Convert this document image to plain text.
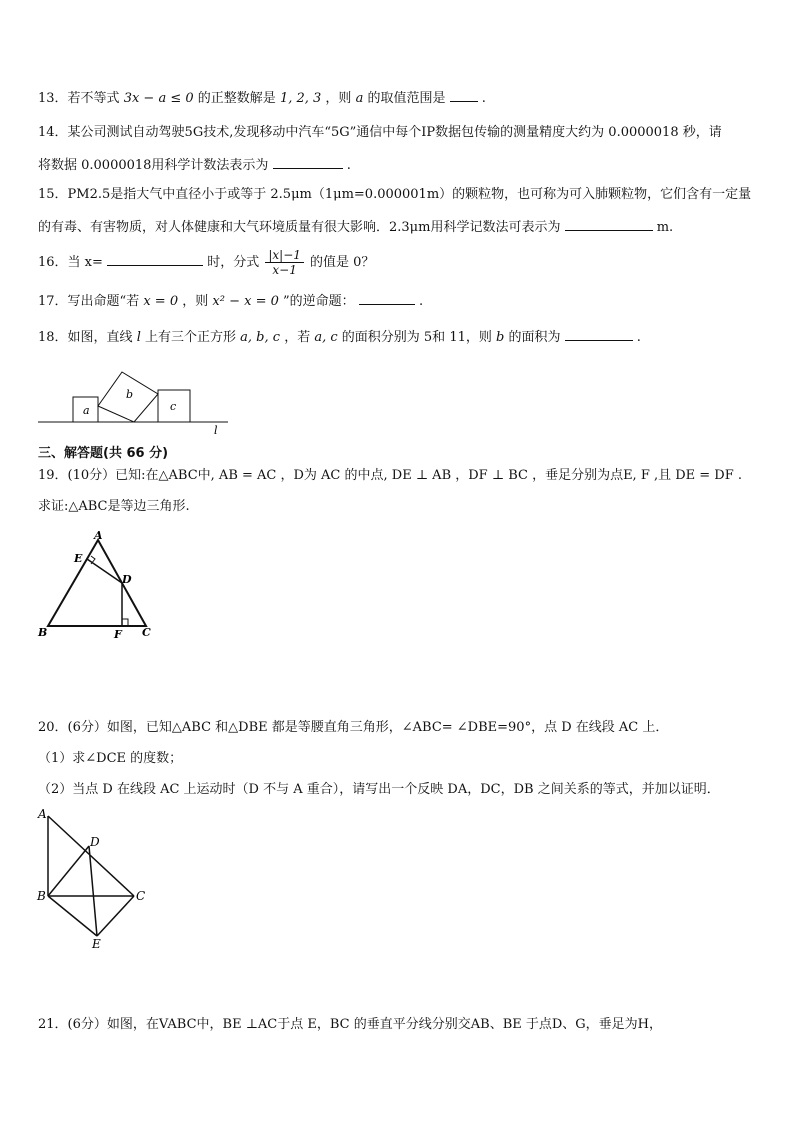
13．若不等式 3x − a ≤ 0 的正整数解是 1, 2, 3 ，则 a 的取值范围是	.
14．某公司测试自动驾驶5G技术,发现移动中汽车“5G”通信中每个IP数据包传输的测量精度大约为 0.0000018 秒，请
将数据 0.0000018用科学计数法表示为	.
15．PM2.5是指大气中直径小于或等于 2.5μm（1μm=0.000001m）的颗粒物，也可称为可入肺颗粒物，它们含有一定量
的有毒、有害物质，对人体健康和大气环境质量有很大影响．2.3μm用科学记数法可表示为	m.
16．当 x=	时，分式 $\frac{|x|-1}{x-1}$ 的值是 0？
17．写出命题“若 x = 0 ，则 x² − x = 0 ”的逆命题：	.
18．如图，直线 l 上有三个正方形 a, b, c ，若 a, c 的面积分别为 5和 11，则 b 的面积为	.
a
b
c
l
三、解答题(共 66 分)
19．(10分）已知:在△ABC中, AB = AC ，D为 AC 的中点, DE ⊥ AB ，DF ⊥ BC ，垂足分别为点E, F ,且 DE = DF .
求证:△ABC是等边三角形.
A
E
D
B	F C
20．(6分）如图，已知△ABC 和△DBE 都是等腰直角三角形，∠ABC= ∠DBE=90°，点 D 在线段 AC 上．
（1）求∠DCE 的度数；
（2）当点 D 在线段 AC 上运动时（D 不与 A 重合），请写出一个反映 DA，DC，DB 之间关系的等式，并加以证明．
A
D
B	C
E
21．(6分）如图，在VABC中，BE ⊥AC于点 E，BC 的垂直平分线分别交AB、BE 于点D、G，垂足为H，
